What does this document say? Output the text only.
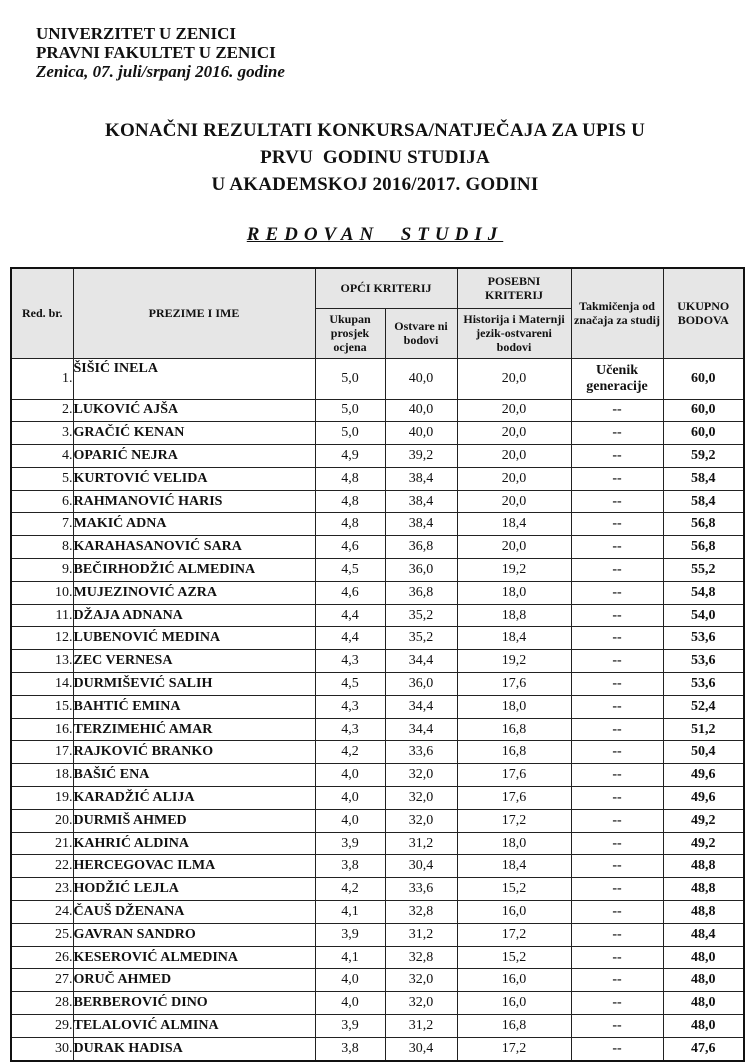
UNIVERZITET U ZENICI
PRAVNI FAKULTET U ZENICI
Zenica, 07. juli/srpanj 2016. godine
KONAČNI REZULTATI KONKURSA/NATJEČAJA ZA UPIS U
PRVU  GODINU STUDIJA
U AKADEMSKOJ 2016/2017. GODINI
REDOVAN  STUDIJ
Red. br.	PREZIME I IME	OPĆI KRITERIJ		POSEBNI KRITERIJ	Takmičenja od značaja za studij	UKUPNO BODOVA
		Ukupan prosjek ocjena	Ostvare ni bodovi	Historija i Maternji jezik-ostvareni bodovi		
1.	ŠIŠIĆ INELA	5,0	40,0	20,0	Učenik generacije	60,0
2.	LUKOVIĆ AJŠA	5,0	40,0	20,0	--	60,0
3.	GRAČIĆ KENAN	5,0	40,0	20,0	--	60,0
4.	OPARIĆ NEJRA	4,9	39,2	20,0	--	59,2
5.	KURTOVIĆ VELIDA	4,8	38,4	20,0	--	58,4
6.	RAHMANOVIĆ HARIS	4,8	38,4	20,0	--	58,4
7.	MAKIĆ ADNA	4,8	38,4	18,4	--	56,8
8.	KARAHASANOVIĆ SARA	4,6	36,8	20,0	--	56,8
9.	BEČIRHODŽIĆ ALMEDINA	4,5	36,0	19,2	--	55,2
10.	MUJEZINOVIĆ AZRA	4,6	36,8	18,0	--	54,8
11.	DŽAJA ADNANA	4,4	35,2	18,8	--	54,0
12.	LUBENOVIĆ MEDINA	4,4	35,2	18,4	--	53,6
13.	ZEC VERNESA	4,3	34,4	19,2	--	53,6
14.	DURMIŠEVIĆ SALIH	4,5	36,0	17,6	--	53,6
15.	BAHTIĆ EMINA	4,3	34,4	18,0	--	52,4
16.	TERZIMEHIĆ AMAR	4,3	34,4	16,8	--	51,2
17.	RAJKOVIĆ BRANKO	4,2	33,6	16,8	--	50,4
18.	BAŠIĆ ENA	4,0	32,0	17,6	--	49,6
19.	KARADŽIĆ ALIJA	4,0	32,0	17,6	--	49,6
20.	DURMIŠ AHMED	4,0	32,0	17,2	--	49,2
21.	KAHRIĆ ALDINA	3,9	31,2	18,0	--	49,2
22.	HERCEGOVAC ILMA	3,8	30,4	18,4	--	48,8
23.	HODŽIĆ LEJLA	4,2	33,6	15,2	--	48,8
24.	ČAUŠ DŽENANA	4,1	32,8	16,0	--	48,8
25.	GAVRAN SANDRO	3,9	31,2	17,2	--	48,4
26.	KESEROVIĆ ALMEDINA	4,1	32,8	15,2	--	48,0
27.	ORUČ AHMED	4,0	32,0	16,0	--	48,0
28.	BERBEROVIĆ DINO	4,0	32,0	16,0	--	48,0
29.	TELALOVIĆ ALMINA	3,9	31,2	16,8	--	48,0
30.	DURAK HADISA	3,8	30,4	17,2	--	47,6
